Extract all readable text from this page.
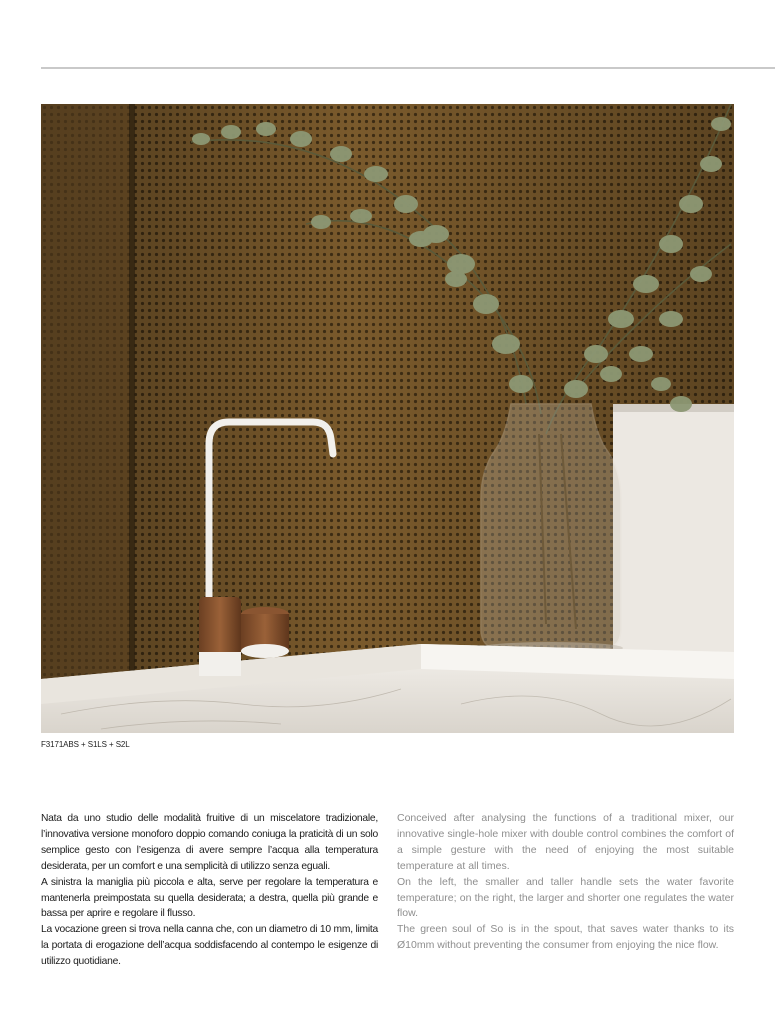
F3171ABS + S1LS + S2L

Nata da uno studio delle modalità fruitive di un miscelatore tradizionale, l’innovativa versione monoforo doppio comando coniuga la praticità di un solo semplice gesto con l’esigenza di avere sempre l’acqua alla temperatura desiderata, per un comfort e una semplicità di utilizzo senza eguali.

A sinistra la maniglia più piccola e alta, serve per regolare la temperatura e mantenerla preimpostata su quella desiderata; a destra, quella più grande e bassa per aprire e regolare il flusso.

La vocazione green si trova nella canna che, con un diametro di 10 mm, limita la portata di erogazione dell’acqua soddisfacendo al contempo le esigenze di utilizzo quotidiane.

Conceived after analysing the functions of a traditional mixer, our innovative single-hole mixer with double control combines the comfort of a simple gesture with the need of enjoying the most suitable temperature at all times.

On the left, the smaller and taller handle sets the water favorite temperature; on the right, the larger and shorter one regulates the water flow.

The green soul of So is in the spout, that saves water thanks to its Ø10mm without preventing the consumer from enjoying the nice flow.
